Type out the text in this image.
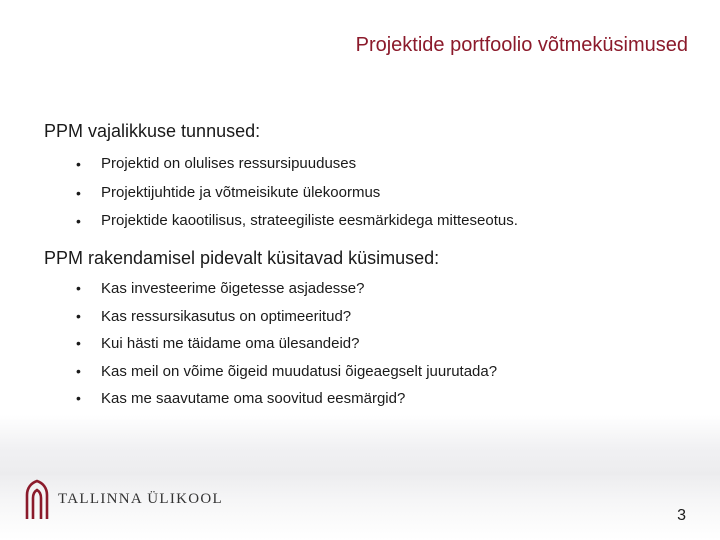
Projektide portfoolio võtmeküsimused

PPM vajalikkuse tunnused:

• Projektid on olulises ressursipuuduses
• Projektijuhtide ja võtmeisikute ülekoormus
• Projektide kaootilisus, strateegiliste eesmärkidega mitteseotus.

PPM rakendamisel pidevalt küsitavad küsimused:

• Kas investeerime õigetesse asjadesse?
• Kas ressursikasutus on optimeeritud?
• Kui hästi me täidame oma ülesandeid?
• Kas meil on võime õigeid muudatusi õigeaegselt juurutada?
• Kas me saavutame oma soovitud eesmärgid?
TALLINNA ÜLIKOOL
3
